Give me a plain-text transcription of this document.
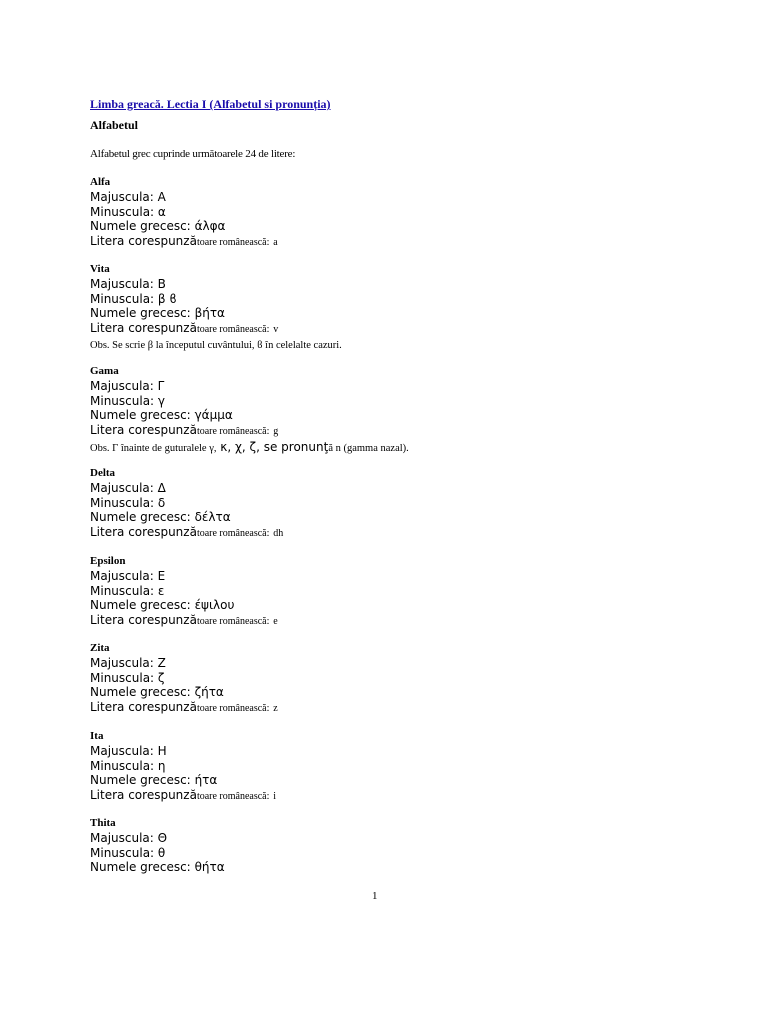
Limba greacă. Lectia I (Alfabetul si pronunția)
Alfabetul
Alfabetul grec cuprinde următoarele 24 de litere:
Alfa
Majuscula: Α
Minuscula: α
Numele grecesc: άλφα
Litera corespunzătoare românească: a
Vita
Majuscula: Β
Minuscula: β ϐ
Numele grecesc: βήτα
Litera corespunzătoare românească: v
Obs. Se scrie β la începutul cuvântului, ϐ în celelalte cazuri.
Gama
Majuscula: Γ
Minuscula: γ
Numele grecesc: γάμμα
Litera corespunzătoare românească: g
Obs. Γ înainte de guturalele γ, κ, χ, ζ, se pronunţă n (gamma nazal).
Delta
Majuscula: Δ
Minuscula: δ
Numele grecesc: δέλτα
Litera corespunzătoare românească: dh
Epsilon
Majuscula: Ε
Minuscula: ε
Numele grecesc: έψιλου
Litera corespunzătoare românească: e
Zita
Majuscula: Ζ
Minuscula: ζ
Numele grecesc: ζήτα
Litera corespunzătoare românească: z
Ita
Majuscula: Η
Minuscula: η
Numele grecesc: ήτα
Litera corespunzătoare românească: i
Thita
Majuscula: Θ
Minuscula: θ
Numele grecesc: θήτα
1
